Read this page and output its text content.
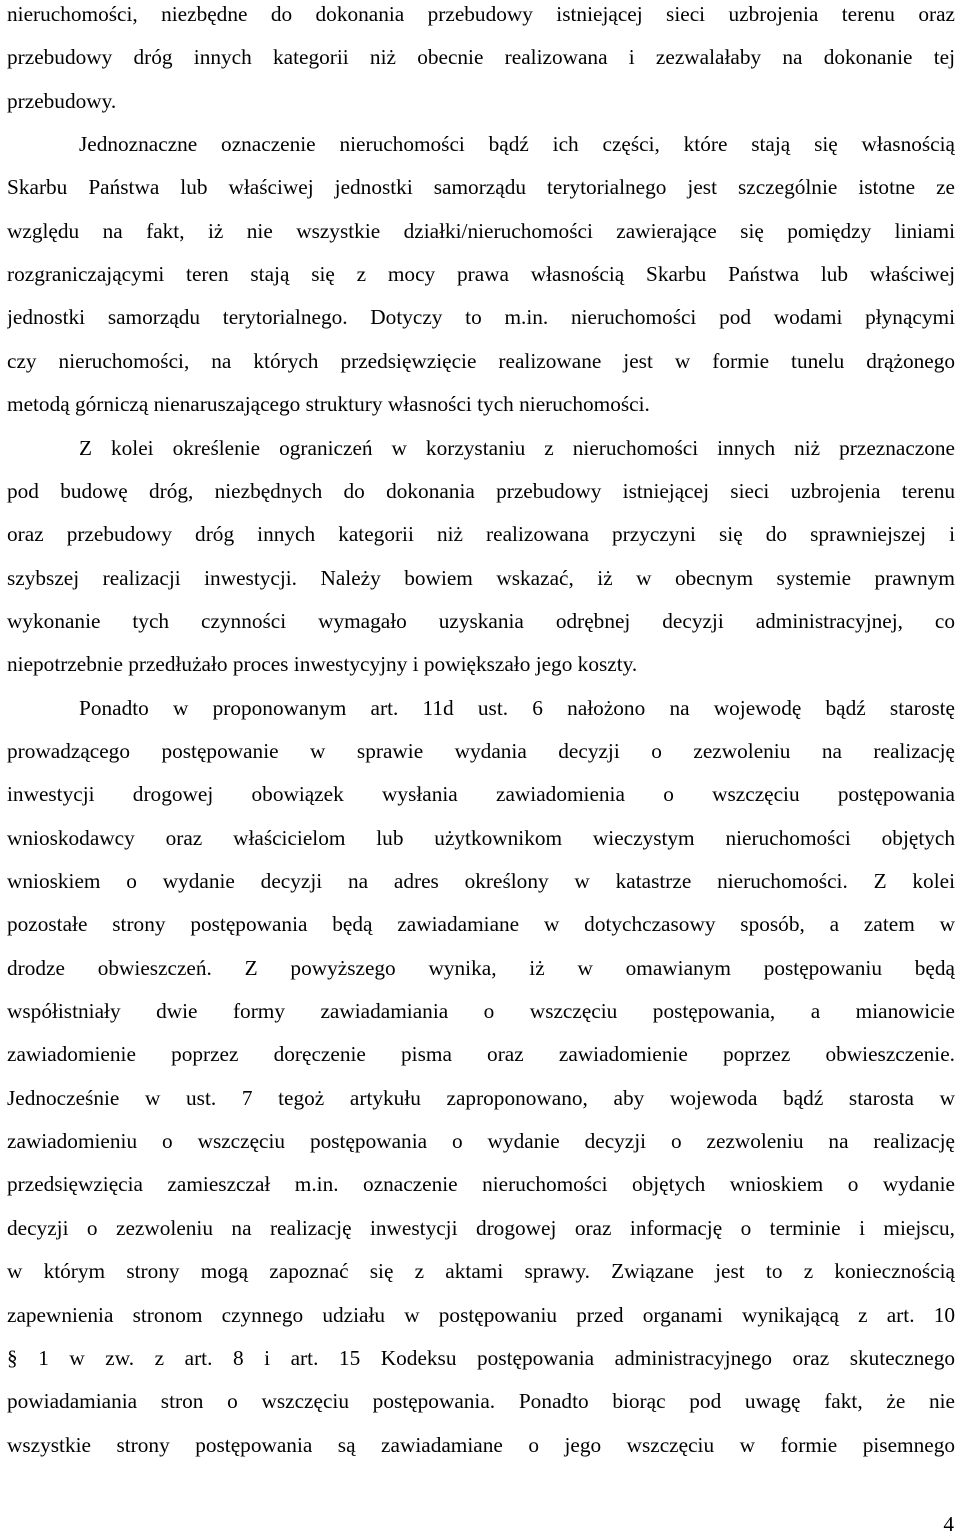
nieruchomości, niezbędne do dokonania przebudowy istniejącej sieci uzbrojenia terenu oraz
przebudowy dróg innych kategorii niż obecnie realizowana i zezwalałaby na dokonanie tej
przebudowy.
Jednoznaczne oznaczenie nieruchomości bądź ich części, które stają się własnością
Skarbu Państwa lub właściwej jednostki samorządu terytorialnego jest szczególnie istotne ze
względu na fakt, iż nie wszystkie działki/nieruchomości zawierające się pomiędzy liniami
rozgraniczającymi teren stają się z mocy prawa własnością Skarbu Państwa lub właściwej
jednostki samorządu terytorialnego. Dotyczy to m.in. nieruchomości pod wodami płynącymi
czy nieruchomości, na których przedsięwzięcie realizowane jest w formie tunelu drążonego
metodą górniczą nienaruszającego struktury własności tych nieruchomości.
Z kolei określenie ograniczeń w korzystaniu z nieruchomości innych niż przeznaczone
pod budowę dróg, niezbędnych do dokonania przebudowy istniejącej sieci uzbrojenia terenu
oraz przebudowy dróg innych kategorii niż realizowana przyczyni się do sprawniejszej i
szybszej realizacji inwestycji. Należy bowiem wskazać, iż w obecnym systemie prawnym
wykonanie tych czynności wymagało uzyskania odrębnej decyzji administracyjnej, co
niepotrzebnie przedłużało proces inwestycyjny i powiększało jego koszty.
Ponadto w proponowanym art. 11d ust. 6 nałożono na wojewodę bądź starostę
prowadzącego postępowanie w sprawie wydania decyzji o zezwoleniu na realizację
inwestycji drogowej obowiązek wysłania zawiadomienia o wszczęciu postępowania
wnioskodawcy oraz właścicielom lub użytkownikom wieczystym nieruchomości objętych
wnioskiem o wydanie decyzji na adres określony w katastrze nieruchomości. Z kolei
pozostałe strony postępowania będą zawiadamiane w dotychczasowy sposób, a zatem w
drodze obwieszczeń. Z powyższego wynika, iż w omawianym postępowaniu będą
współistniały dwie formy zawiadamiania o wszczęciu postępowania, a mianowicie
zawiadomienie poprzez doręczenie pisma oraz zawiadomienie poprzez obwieszczenie.
Jednocześnie w ust. 7 tegoż artykułu zaproponowano, aby wojewoda bądź starosta w
zawiadomieniu o wszczęciu postępowania o wydanie decyzji o zezwoleniu na realizację
przedsięwzięcia zamieszczał m.in. oznaczenie nieruchomości objętych wnioskiem o wydanie
decyzji o zezwoleniu na realizację inwestycji drogowej oraz informację o terminie i miejscu,
w którym strony mogą zapoznać się z aktami sprawy. Związane jest to z koniecznością
zapewnienia stronom czynnego udziału w postępowaniu przed organami wynikającą z art. 10
§ 1 w zw. z art. 8 i art. 15 Kodeksu postępowania administracyjnego oraz skutecznego
powiadamiania stron o wszczęciu postępowania. Ponadto biorąc pod uwagę fakt, że nie
wszystkie strony postępowania są zawiadamiane o jego wszczęciu w formie pisemnego
4
